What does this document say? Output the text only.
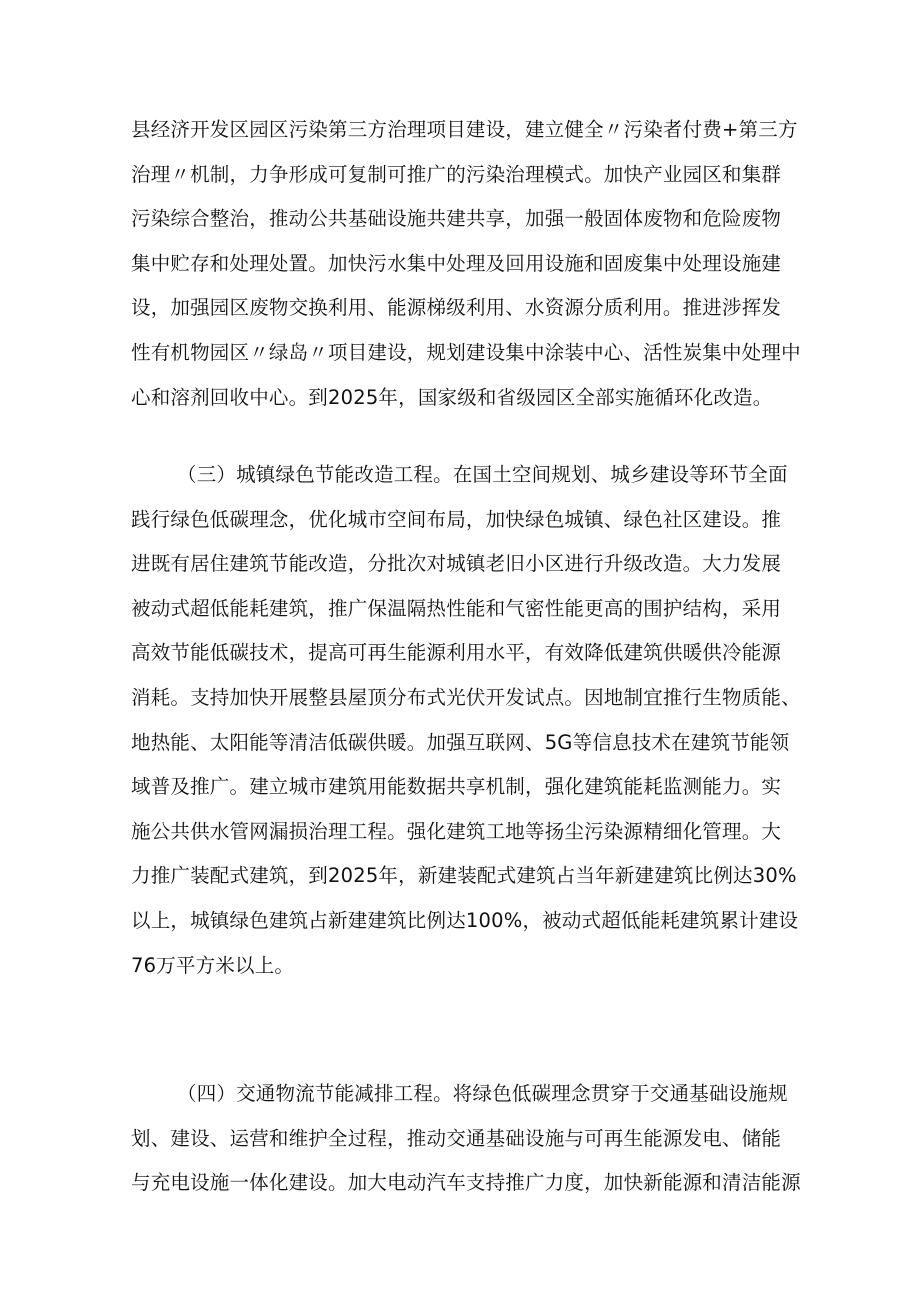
县经济开发区园区污染第三方治理项目建设，建立健全〃污染者付费+第三方
治理〃机制，力争形成可复制可推广的污染治理模式。加快产业园区和集群
污染综合整治，推动公共基础设施共建共享，加强一般固体废物和危险废物
集中贮存和处理处置。加快污水集中处理及回用设施和固废集中处理设施建
设，加强园区废物交换利用、能源梯级利用、水资源分质利用。推进涉挥发
性有机物园区〃绿岛〃项目建设，规划建设集中涂装中心、活性炭集中处理中
心和溶剂回收中心。到2025年，国家级和省级园区全部实施循环化改造。
（三）城镇绿色节能改造工程。在国土空间规划、城乡建设等环节全面
践行绿色低碳理念，优化城市空间布局，加快绿色城镇、绿色社区建设。推
进既有居住建筑节能改造，分批次对城镇老旧小区进行升级改造。大力发展
被动式超低能耗建筑，推广保温隔热性能和气密性能更高的围护结构，采用
高效节能低碳技术，提高可再生能源利用水平，有效降低建筑供暖供冷能源
消耗。支持加快开展整县屋顶分布式光伏开发试点。因地制宜推行生物质能、
地热能、太阳能等清洁低碳供暖。加强互联网、5G等信息技术在建筑节能领
域普及推广。建立城市建筑用能数据共享机制，强化建筑能耗监测能力。实
施公共供水管网漏损治理工程。强化建筑工地等扬尘污染源精细化管理。大
力推广装配式建筑，到2025年，新建装配式建筑占当年新建建筑比例达30%
以上，城镇绿色建筑占新建建筑比例达100%，被动式超低能耗建筑累计建设
76万平方米以上。
（四）交通物流节能减排工程。将绿色低碳理念贯穿于交通基础设施规
划、建设、运营和维护全过程，推动交通基础设施与可再生能源发电、储能
与充电设施一体化建设。加大电动汽车支持推广力度，加快新能源和清洁能源
